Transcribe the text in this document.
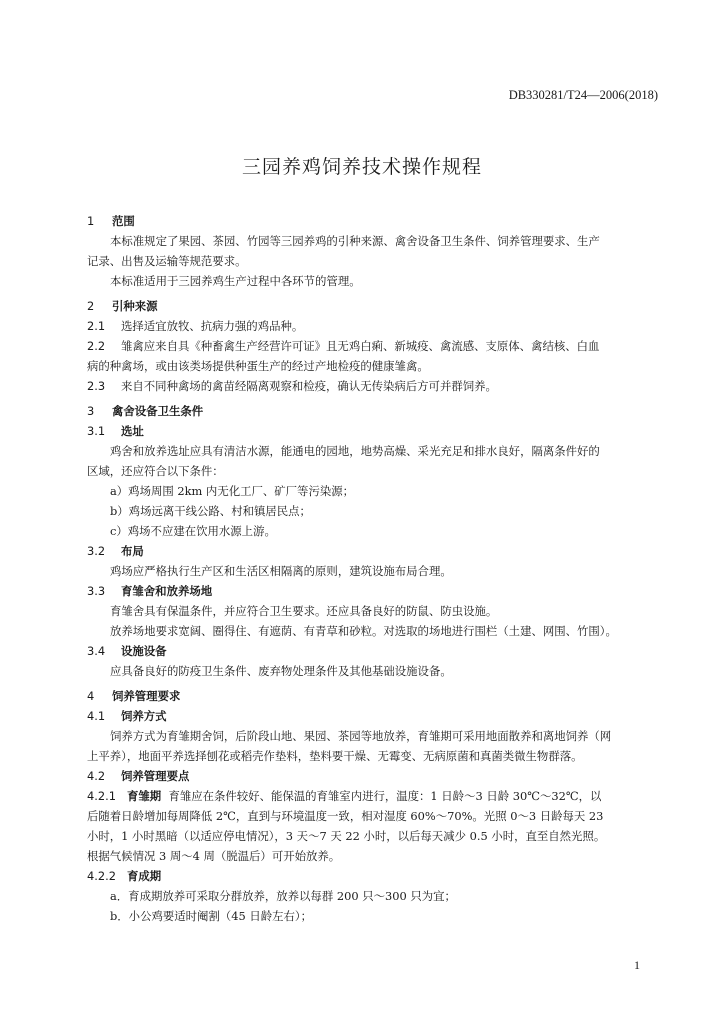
DB330281/T24—2006(2018)
三园养鸡饲养技术操作规程
1 范围
本标准规定了果园、茶园、竹园等三园养鸡的引种来源、禽舍设备卫生条件、饲养管理要求、生产
记录、出售及运输等规范要求。
本标准适用于三园养鸡生产过程中各环节的管理。
2 引种来源
2.1 选择适宜放牧、抗病力强的鸡品种。
2.2 雏禽应来自具《种畜禽生产经营许可证》且无鸡白痢、新城疫、禽流感、支原体、禽结核、白血
病的种禽场，或由该类场提供种蛋生产的经过产地检疫的健康雏禽。
2.3 来自不同种禽场的禽苗经隔离观察和检疫，确认无传染病后方可并群饲养。
3 禽舍设备卫生条件
3.1 选址
鸡舍和放养选址应具有清洁水源，能通电的园地，地势高燥、采光充足和排水良好，隔离条件好的
区域，还应符合以下条件：
a）鸡场周围 2km 内无化工厂、矿厂等污染源；
b）鸡场远离干线公路、村和镇居民点；
c）鸡场不应建在饮用水源上游。
3.2 布局
鸡场应严格执行生产区和生活区相隔离的原则，建筑设施布局合理。
3.3 育雏舍和放养场地
育雏舍具有保温条件，并应符合卫生要求。还应具备良好的防鼠、防虫设施。
放养场地要求宽阔、圈得住、有遮荫、有青草和砂粒。对选取的场地进行围栏（土建、网围、竹围）。
3.4 设施设备
应具备良好的防疫卫生条件、废弃物处理条件及其他基础设施设备。
4 饲养管理要求
4.1 饲养方式
饲养方式为育雏期舍饲，后阶段山地、果园、茶园等地放养，育雏期可采用地面散养和离地饲养（网
上平养），地面平养选择刨花或稻壳作垫料，垫料要干燥、无霉变、无病原菌和真菌类微生物群落。
4.2 饲养管理要点
4.2.1 育雏期 育雏应在条件较好、能保温的育雏室内进行，温度：1 日龄～3 日龄 30℃～32℃，以
后随着日龄增加每周降低 2℃，直到与环境温度一致，相对湿度 60%～70%。光照 0～3 日龄每天 23
小时，1 小时黑暗（以适应停电情况），3 天～7 天 22 小时，以后每天减少 0.5 小时，直至自然光照。
根据气候情况 3 周～4 周（脱温后）可开始放养。
4.2.2 育成期
a．育成期放养可采取分群放养，放养以每群 200 只～300 只为宜；
b．小公鸡要适时阉割（45 日龄左右）；
1
